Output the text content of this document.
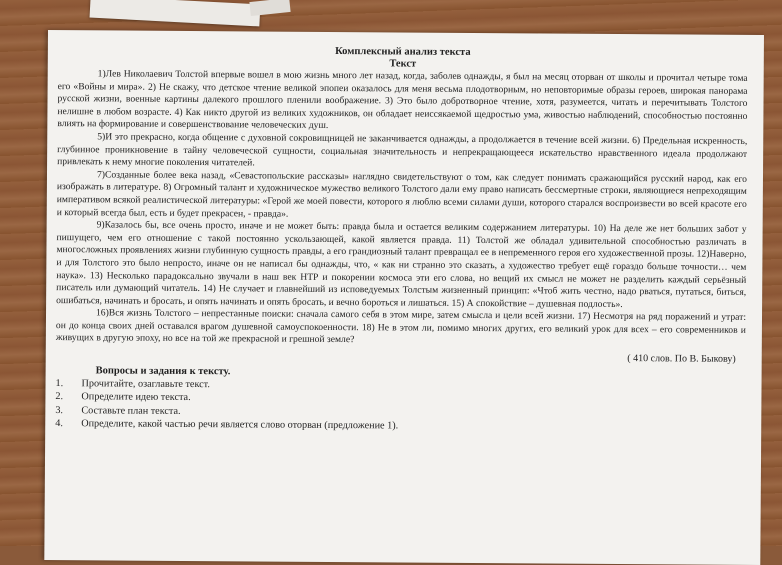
Комплексный анализ текста
Текст

1)Лев Николаевич Толстой впервые вошел в мою жизнь много лет назад, когда, заболев однажды, я был на месяц оторван от школы и прочитал четыре тома его «Войны и мира». 2) Не скажу, что детское чтение великой эпопеи оказалось для меня весьма плодотворным, но неповторимые образы героев, широкая панорама русской жизни, военные картины далекого прошлого пленили воображение. 3) Это было добротворное чтение, хотя, разумеется, читать и перечитывать Толстого нелишне в любом возрасте. 4) Как никто другой из великих художников, он обладает неиссякаемой щедростью ума, живостью наблюдений, способностью постоянно влиять на формирование и совершенствование человеческих душ.

5)И это прекрасно, когда общение с духовной сокровищницей не заканчивается однажды, а продолжается в течение всей жизни. 6) Предельная искренность, глубинное проникновение в тайну человеческой сущности, социальная значительность и непрекращающееся искательство нравственного идеала продолжают привлекать к нему многие поколения читателей.

7)Созданные более века назад, «Севастопольские рассказы» наглядно свидетельствуют о том, как следует понимать сражающийся русский народ, как его изображать в литературе. 8) Огромный талант и художническое мужество великого Толстого дали ему право написать бессмертные строки, являющиеся непреходящим императивом всякой реалистической литературы: «Герой же моей повести, которого я люблю всеми силами души, которого старался воспроизвести во всей красоте его и который всегда был, есть и будет прекрасен, - правда».

9)Казалось бы, все очень просто, иначе и не может быть: правда была и остается великим содержанием литературы. 10) На деле же нет больших забот у пишущего, чем его отношение с такой постоянно ускользающей, какой является правда. 11) Толстой же обладал удивительной способностью различать в многосложных проявлениях жизни глубинную сущность правды, а его грандиозный талант превращал ее в непременного героя его художественной прозы. 12)Наверно, и для Толстого это было непросто, иначе он не написал бы однажды, что, « как ни странно это сказать, а художество требует ещё гораздо больше точности… чем наука». 13) Несколько парадоксально звучали в наш век НТР и покорении космоса эти его слова, но вещий их смысл не может не разделить каждый серьёзный писатель или думающий читатель. 14) Не случает и главнейший из исповедуемых Толстым жизненный принцип: «Чтоб жить честно, надо рваться, путаться, биться, ошибаться, начинать и бросать, и опять начинать и опять бросать, и вечно бороться и лишаться. 15) А спокойствие – душевная подлость».

16)Вся жизнь Толстого – непрестанные поиски: сначала самого себя в этом мире, затем смысла и цели всей жизни. 17) Несмотря на ряд поражений и утрат: он до конца своих дней оставался врагом душевной самоуспокоенности. 18) Не в этом ли, помимо многих других, его великий урок для всех – его современников и живущих в другую эпоху, но все на той же прекрасной и грешной земле?

( 410 слов. По В. Быкову)
Вопросы и задания к тексту.
1.	Прочитайте, озаглавьте текст.
2.	Определите идею текста.
3.	Составьте план текста.
4.	Определите, какой частью речи является слово оторван (предложение 1).
